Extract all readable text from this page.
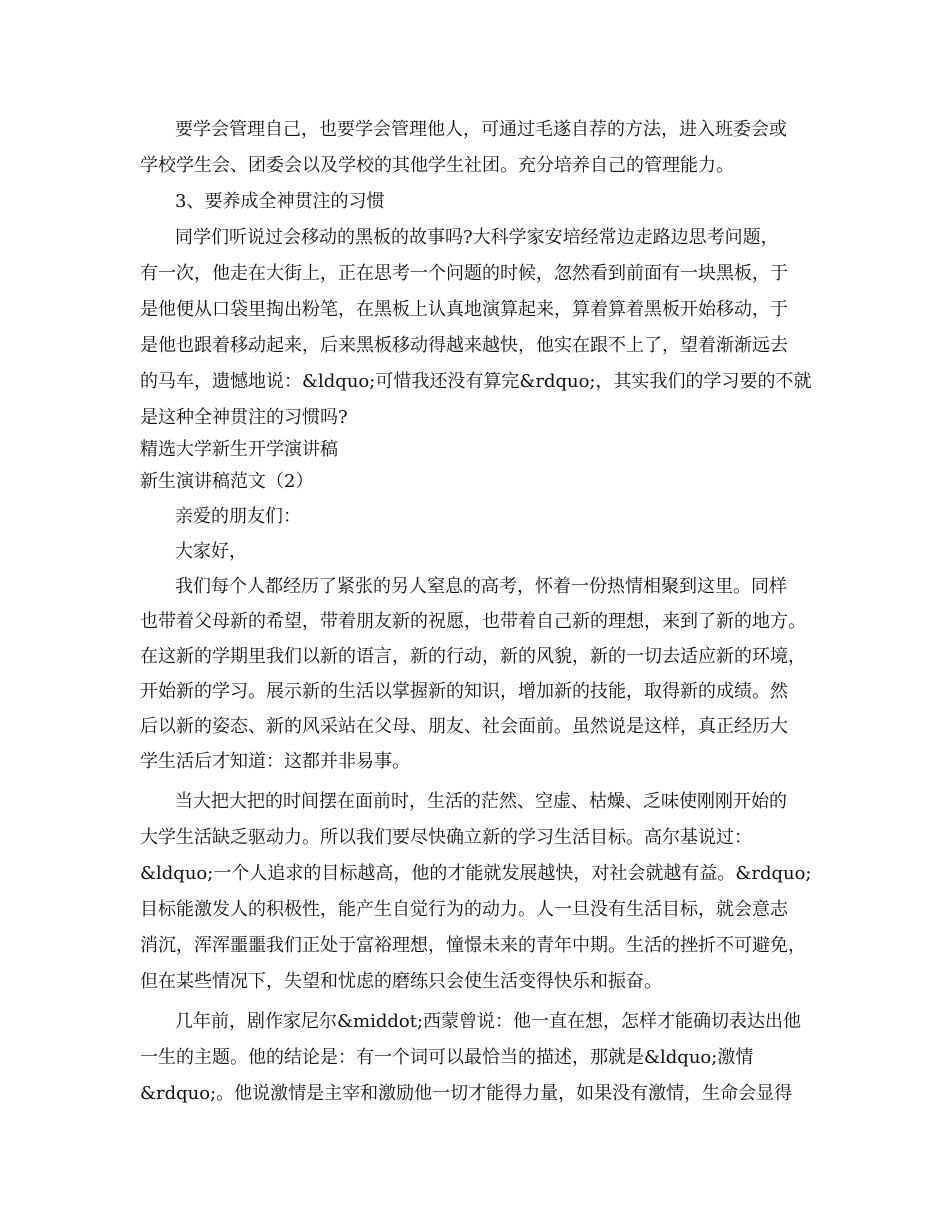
要学会管理自己，也要学会管理他人，可通过毛遂自荐的方法，进入班委会或
学校学生会、团委会以及学校的其他学生社团。充分培养自己的管理能力。
3、要养成全神贯注的习惯
同学们听说过会移动的黑板的故事吗?大科学家安培经常边走路边思考问题，
有一次，他走在大街上，正在思考一个问题的时候，忽然看到前面有一块黑板，于
是他便从口袋里掏出粉笔，在黑板上认真地演算起来，算着算着黑板开始移动，于
是他也跟着移动起来，后来黑板移动得越来越快，他实在跟不上了，望着渐渐远去
的马车，遗憾地说：&ldquo;可惜我还没有算完&rdquo;，其实我们的学习要的不就
是这种全神贯注的习惯吗?
精选大学新生开学演讲稿
新生演讲稿范文（2）
亲爱的朋友们：
大家好，
我们每个人都经历了紧张的另人窒息的高考，怀着一份热情相聚到这里。同样
也带着父母新的希望，带着朋友新的祝愿，也带着自己新的理想，来到了新的地方。
在这新的学期里我们以新的语言，新的行动，新的风貌，新的一切去适应新的环境，
开始新的学习。展示新的生活以掌握新的知识，增加新的技能，取得新的成绩。然
后以新的姿态、新的风采站在父母、朋友、社会面前。虽然说是这样，真正经历大
学生活后才知道：这都并非易事。
当大把大把的时间摆在面前时，生活的茫然、空虚、枯燥、乏味使刚刚开始的
大学生活缺乏驱动力。所以我们要尽快确立新的学习生活目标。高尔基说过：
&ldquo;一个人追求的目标越高，他的才能就发展越快，对社会就越有益。&rdquo;
目标能激发人的积极性，能产生自觉行为的动力。人一旦没有生活目标，就会意志
消沉，浑浑噩噩我们正处于富裕理想，憧憬未来的青年中期。生活的挫折不可避免，
但在某些情况下，失望和忧虑的磨练只会使生活变得快乐和振奋。
几年前，剧作家尼尔&middot;西蒙曾说：他一直在想，怎样才能确切表达出他
一生的主题。他的结论是：有一个词可以最恰当的描述，那就是&ldquo;激情
&rdquo;。他说激情是主宰和激励他一切才能得力量，如果没有激情，生命会显得
